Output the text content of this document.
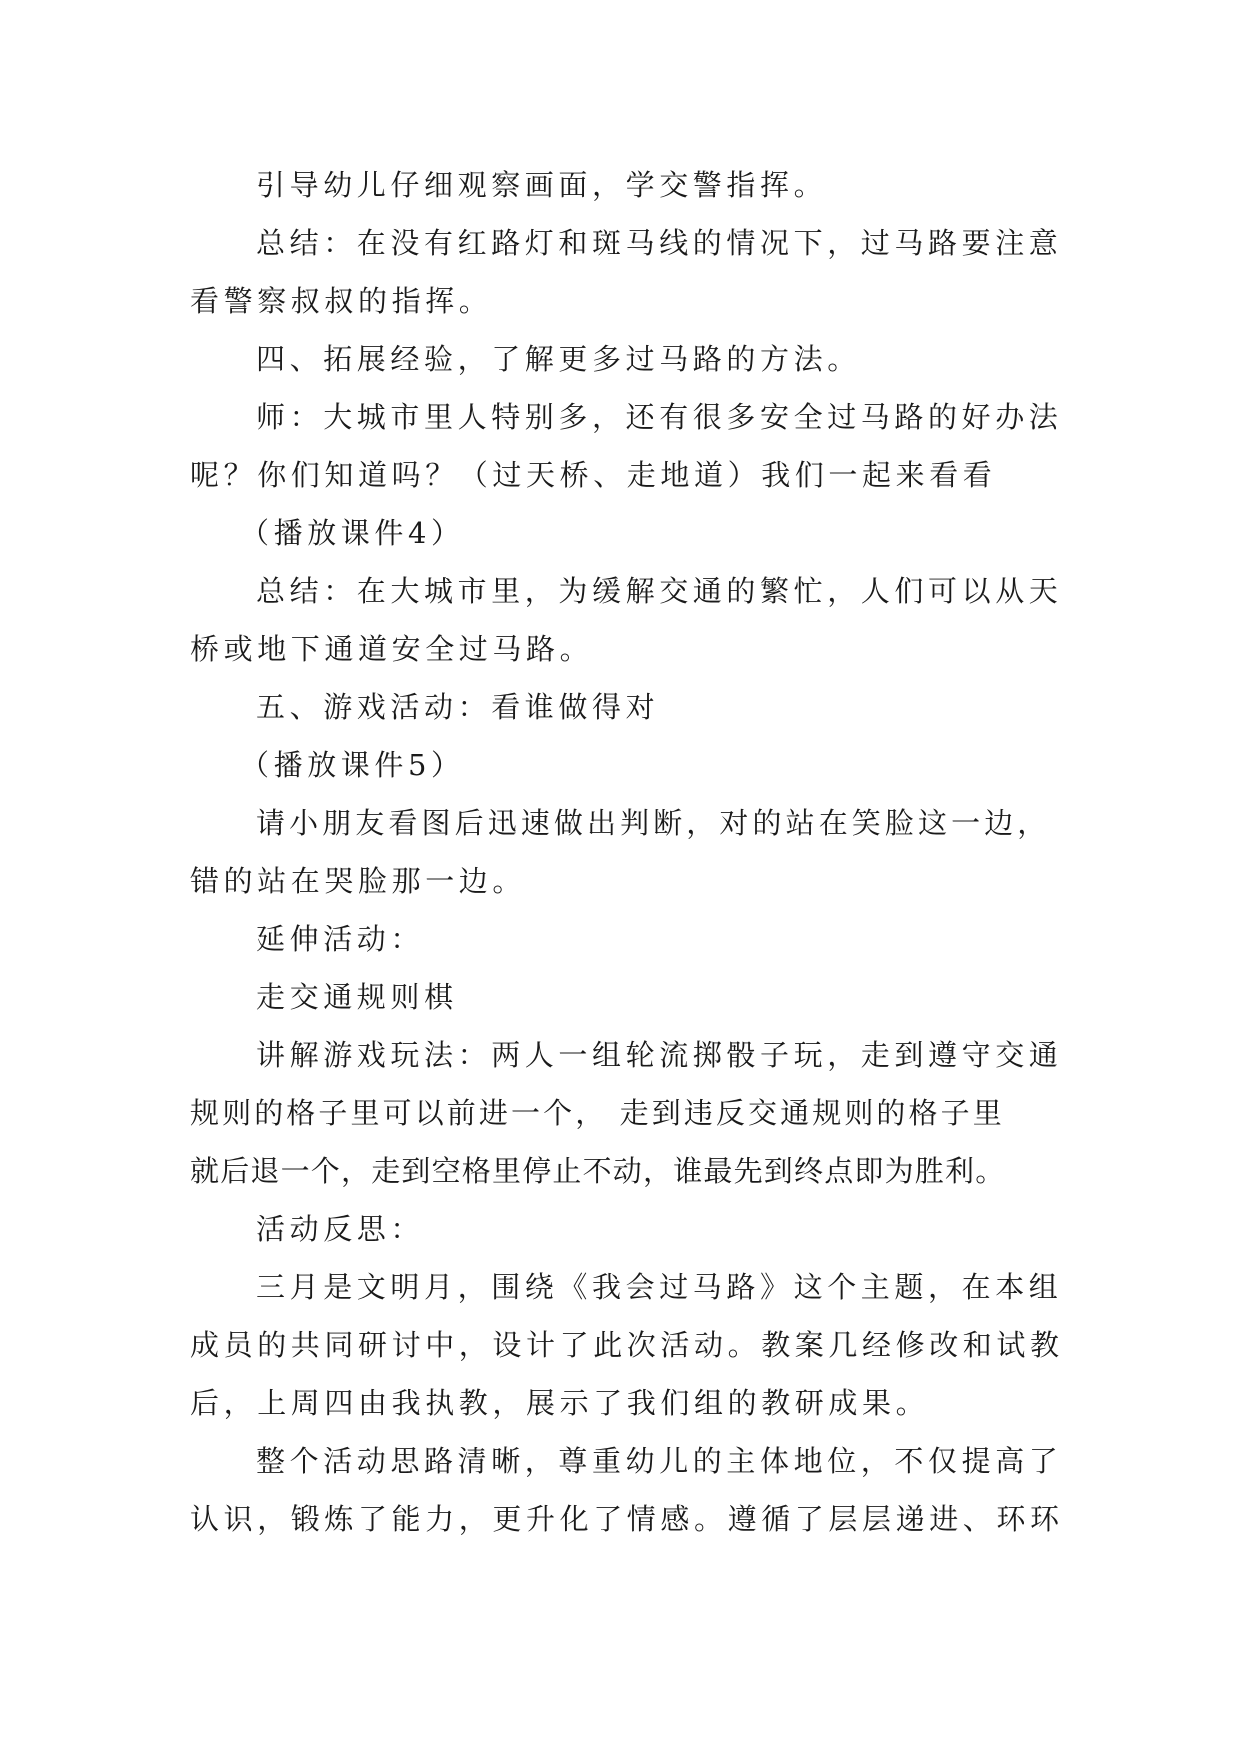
引导幼儿仔细观察画面，学交警指挥。
总结：在没有红路灯和斑马线的情况下，过马路要注意
看警察叔叔的指挥。
四、拓展经验，了解更多过马路的方法。
师：大城市里人特别多，还有很多安全过马路的好办法
呢？你们知道吗？（过天桥、走地道）我们一起来看看
（播放课件4）
总结：在大城市里，为缓解交通的繁忙，人们可以从天
桥或地下通道安全过马路。
五、游戏活动：看谁做得对
（播放课件5）
请小朋友看图后迅速做出判断，对的站在笑脸这一边，
错的站在哭脸那一边。
延伸活动：
走交通规则棋
讲解游戏玩法：两人一组轮流掷骰子玩，走到遵守交通
规则的格子里可以前进一个， 走到违反交通规则的格子里
就后退一个，走到空格里停止不动，谁最先到终点即为胜利。
活动反思：
三月是文明月，围绕《我会过马路》这个主题，在本组
成员的共同研讨中，设计了此次活动。教案几经修改和试教
后，上周四由我执教，展示了我们组的教研成果。
整个活动思路清晰，尊重幼儿的主体地位，不仅提高了
认识，锻炼了能力，更升化了情感。遵循了层层递进、环环
